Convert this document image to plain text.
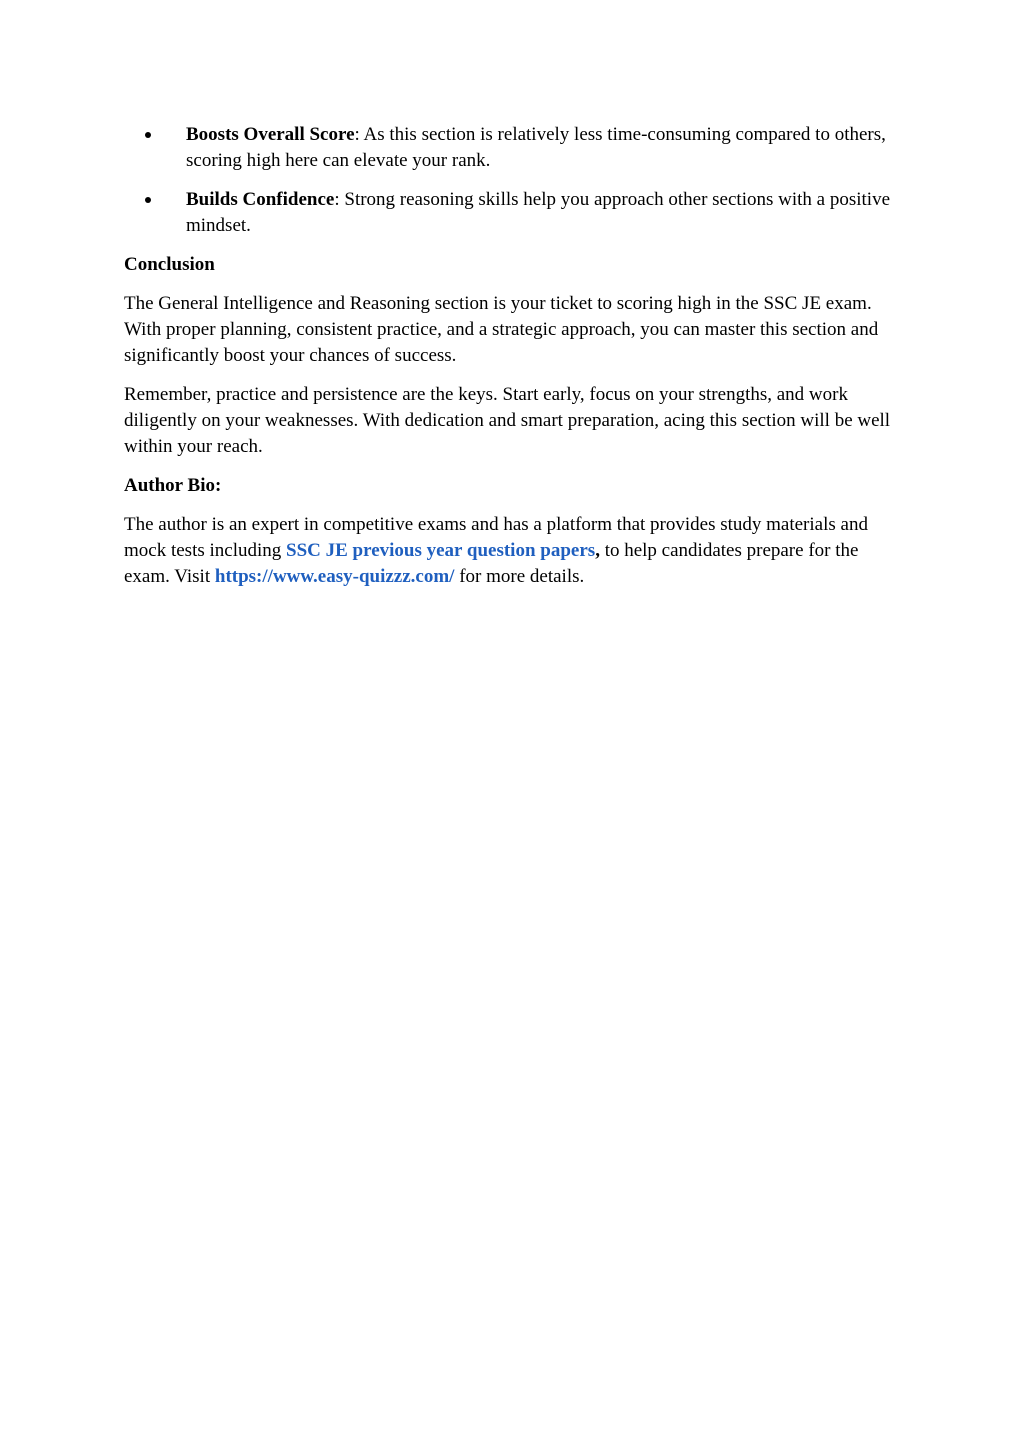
Boosts Overall Score: As this section is relatively less time-consuming compared to others, scoring high here can elevate your rank.
Builds Confidence: Strong reasoning skills help you approach other sections with a positive mindset.
Conclusion

The General Intelligence and Reasoning section is your ticket to scoring high in the SSC JE exam. With proper planning, consistent practice, and a strategic approach, you can master this section and significantly boost your chances of success.

Remember, practice and persistence are the keys. Start early, focus on your strengths, and work diligently on your weaknesses. With dedication and smart preparation, acing this section will be well within your reach.

Author Bio:

The author is an expert in competitive exams and has a platform that provides study materials and mock tests including SSC JE previous year question papers, to help candidates prepare for the exam. Visit https://www.easy-quizzz.com/ for more details.
